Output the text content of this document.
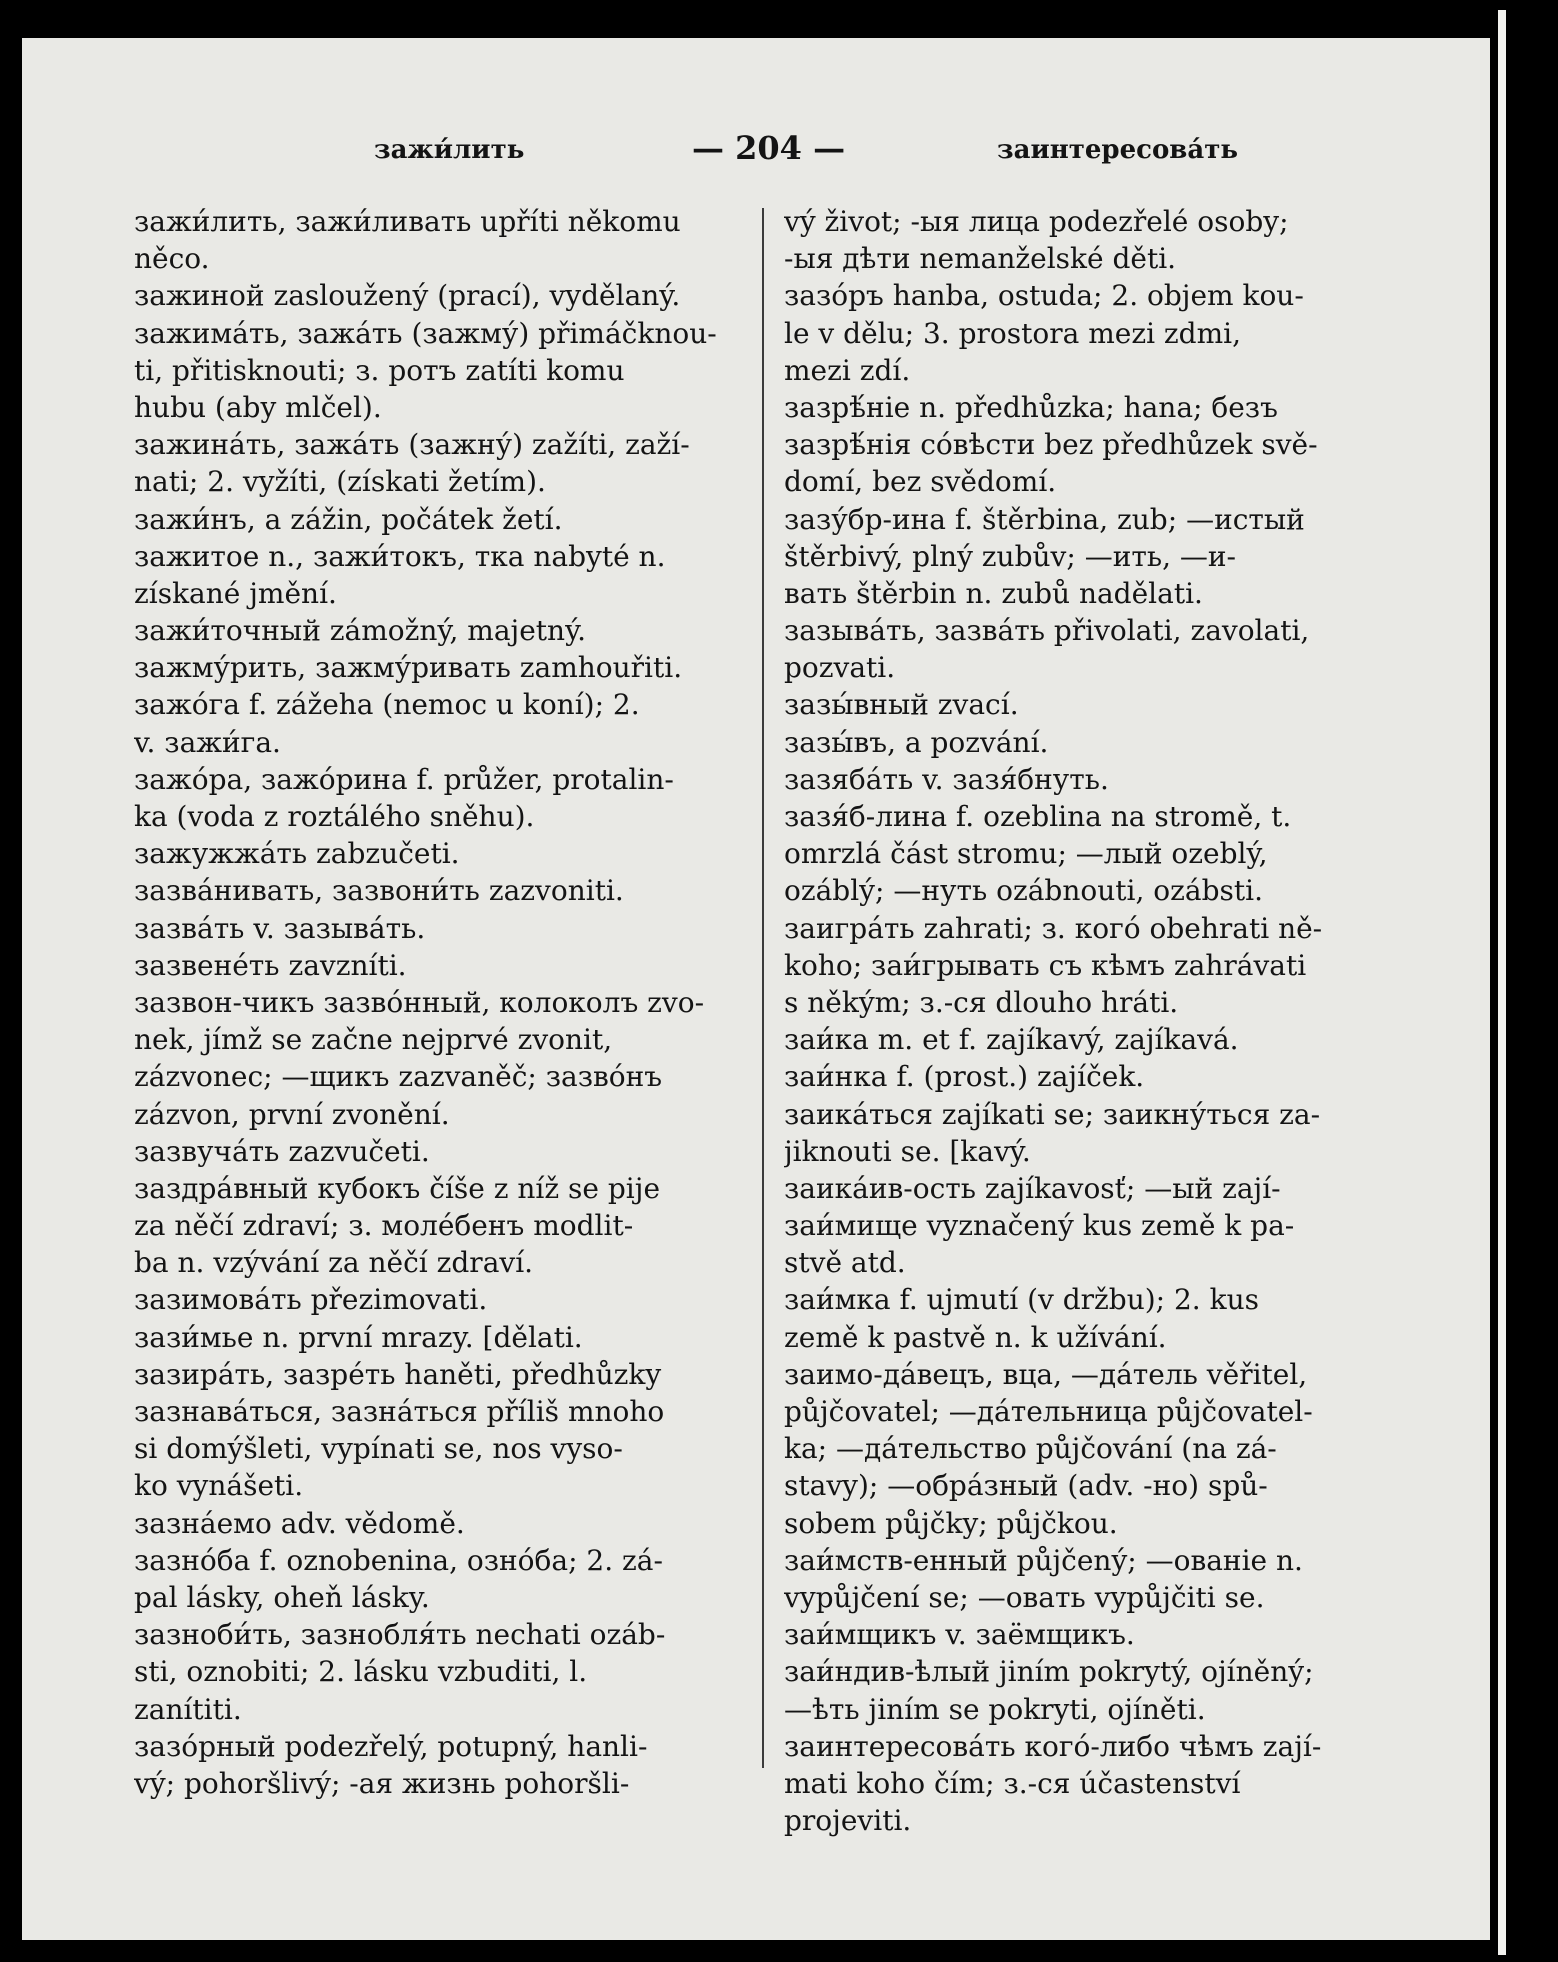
зажи́лить	— 204 —	заинтересова́ть
зажи́лить, зажи́ливать upříti někomu
něco.
зажиной zasloužený (prací), vydělaný.
зажима́ть, зажа́ть (зажму́) přimáčknou-
ti, přitisknouti; з. ротъ zatíti komu
hubu (aby mlčel).
зажина́ть, зажа́ть (зажну́) zažíti, zaží-
nati; 2. vyžíti, (získati žetím).
зажи́нъ, а zážin, počátek žetí.
зажитое n., зажи́токъ, тка nabyté n.
získané jmění.
зажи́точный zámožný, majetný.
зажму́рить, зажму́ривать zamhouřiti.
зажо́га f. zážeha (nemoc u koní); 2.
v. зажи́га.
зажо́ра, зажо́рина f. průžer, protalin-
ka (voda z roztálého sněhu).
зажужжа́ть zabzučeti.
зазва́нивать, зазвони́ть zazvoniti.
зазва́ть v. зазыва́ть.
зазвене́ть zavzníti.
зазвон-чикъ зазво́нный, колоколъ zvo-
nek, jímž se začne nejprvé zvonit,
zázvonec; —щикъ zazvaněč; зазво́нъ
zázvon, první zvonění.
зазвуча́ть zazvučeti.
заздра́вный кубокъ číše z níž se pije
za něčí zdraví; з. моле́бенъ modlit-
ba n. vzývání za něčí zdraví.
зазимова́ть přezimovati.
зази́мье n. první mrazy. [dělati.
зазира́ть, зазре́ть haněti, předhůzky
зазнава́ться, зазна́ться příliš mnoho
si domýšleti, vypínati se, nos vyso-
ko vynášeti.
зазна́емо adv. vědomě.
зазно́ба f. oznobenina, озно́ба; 2. zá-
pal lásky, oheň lásky.
зазноби́ть, зазнобля́ть nechati ozáb-
sti, oznobiti; 2. lásku vzbuditi, l.
zanítiti.
зазо́рный podezřelý, potupný, hanli-
vý; pohoršlivý; -ая жизнь pohoršli-
vý život; -ыя лица podezřelé osoby;
-ыя дѣти nemanželské děti.
зазо́ръ hanba, ostuda; 2. objem kou-
le v dělu; 3. prostora mezi zdmi,
mezi zdí.
зазрѣ́ніе n. předhůzka; hana; безъ
зазрѣ́нія со́вѣсти bez předhůzek svě-
domí, bez svědomí.
зазу́бр-ина f. štěrbina, zub; —истый
štěrbivý, plný zubův; —ить, —и-
вать štěrbin n. zubů nadělati.
зазыва́ть, зазва́ть přivolati, zavolati,
pozvati.
зазы́вный zvací.
зазы́въ, а pozvání.
зазяба́ть v. зазя́бнуть.
зазя́б-лина f. ozeblina na stromě, t.
omrzlá část stromu; —лый ozeblý,
ozáblý; —нуть ozábnouti, ozábsti.
заигра́ть zahrati; з. кого́ obehrati ně-
koho; заи́грывать съ кѣмъ zahrávati
s někým; з.-ся dlouho hráti.
заи́ка m. et f. zajíkavý, zajíkavá.
заи́нка f. (prost.) zajíček.
заика́ться zajíkati se; заикну́ться za-
jiknouti se. [kavý.
заика́ив-ость zajíkavosť; —ый zají-
заи́мище vyznačený kus země k pa-
stvě atd.
заи́мка f. ujmutí (v držbu); 2. kus
země k pastvě n. k užívání.
заимо-да́вецъ, вца, —да́тель věřitel,
půjčovatel; —да́тельница půjčovatel-
ka; —да́тельство půjčování (na zá-
stavy); —обра́зный (adv. -но) spů-
sobem půjčky; půjčkou.
заи́мств-енный půjčený; —ованіе n.
vypůjčení se; —овать vypůjčiti se.
заи́мщикъ v. заёмщикъ.
заи́ндив-ѣлый jiním pokrytý, ojíněný;
—ѣть jiním se pokryti, ojíněti.
заинтересова́ть кого́-либо чѣмъ zají-
mati koho čím; з.-ся účastenství
projeviti.
